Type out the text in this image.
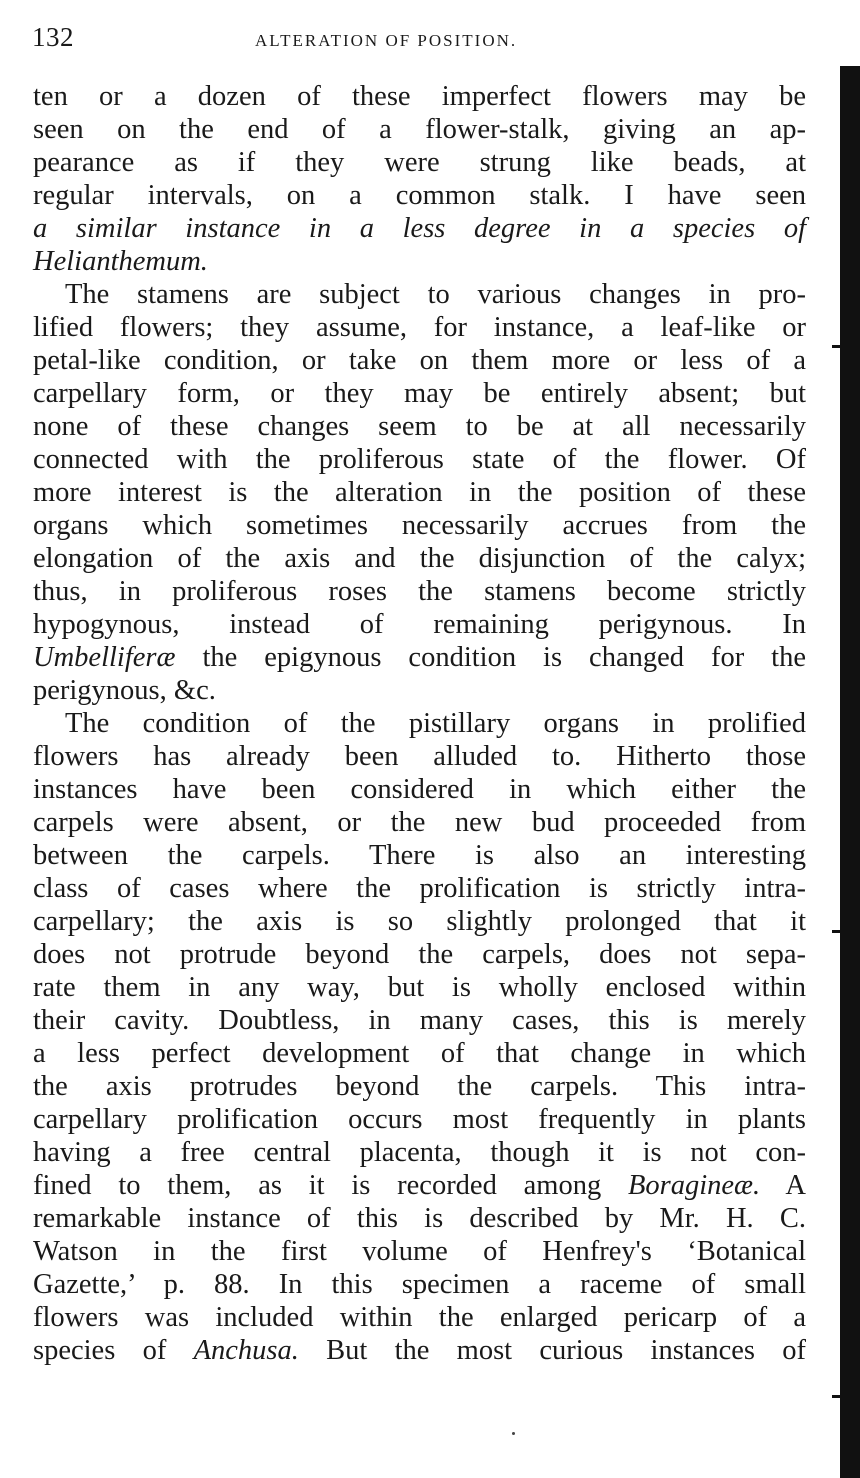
132	ALTERATION OF POSITION.
ten or a dozen of these imperfect flowers may be
seen on the end of a flower-stalk, giving an ap-
pearance as if they were strung like beads, at
regular intervals, on a common stalk. I have seen
a similar instance in a less degree in a species of
Helianthemum.
The stamens are subject to various changes in pro-
lified flowers; they assume, for instance, a leaf-like or
petal-like condition, or take on them more or less of a
carpellary form, or they may be entirely absent; but
none of these changes seem to be at all necessarily
connected with the proliferous state of the flower. Of
more interest is the alteration in the position of these
organs which sometimes necessarily accrues from the
elongation of the axis and the disjunction of the calyx;
thus, in proliferous roses the stamens become strictly
hypogynous, instead of remaining perigynous. In
Umbelliferæ the epigynous condition is changed for the
perigynous, &c.
The condition of the pistillary organs in prolified
flowers has already been alluded to. Hitherto those
instances have been considered in which either the
carpels were absent, or the new bud proceeded from
between the carpels. There is also an interesting
class of cases where the prolification is strictly intra-
carpellary; the axis is so slightly prolonged that it
does not protrude beyond the carpels, does not sepa-
rate them in any way, but is wholly enclosed within
their cavity. Doubtless, in many cases, this is merely
a less perfect development of that change in which
the axis protrudes beyond the carpels. This intra-
carpellary prolification occurs most frequently in plants
having a free central placenta, though it is not con-
fined to them, as it is recorded among Boragineæ. A
remarkable instance of this is described by Mr. H. C.
Watson in the first volume of Henfrey's ‘Botanical
Gazette,’ p. 88. In this specimen a raceme of small
flowers was included within the enlarged pericarp of a
species of Anchusa. But the most curious instances of
